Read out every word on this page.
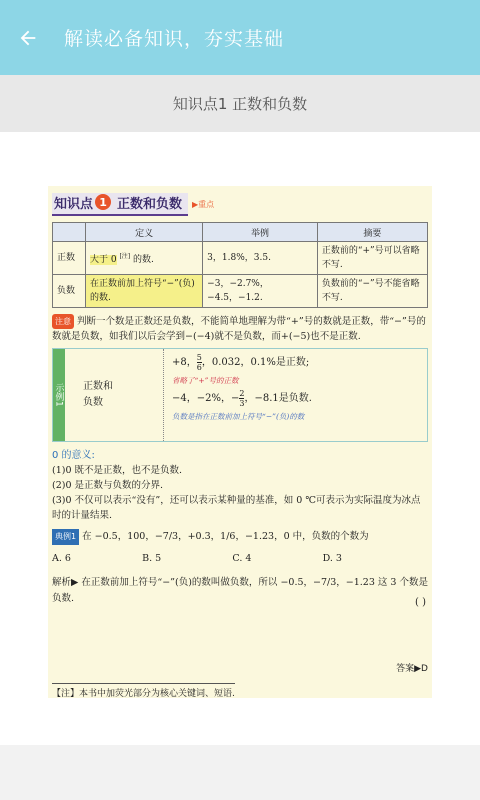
解读必备知识，夯实基础
知识点1 正数和负数
知识点 1 正数和负数 ▶重点
	定义	举例	摘要
正数	大于 0 [注] 的数.	3，1.8%，3.5.	正数前的“+”号可以省略不写.
负数	在正数前加上符号“−”(负)的数.	−3，−2.7%，−4.5，−1.2.	负数前的“−”号不能省略不写.
注意 判断一个数是正数还是负数，不能简单地理解为带“+”号的数就是正数，带“−”号的数就是负数，如我们以后会学到−(−4)就不是负数，而+(−5)也不是正数.
示例1 正数和
负数
+8， $\frac{5}{6}$ ，0.032，0.1%是正数;
省略了“+”号的正数
−4，−2%，− $\frac{2}{3}$ ，−8.1是负数.
负数是指在正数前加上符号“−”(负)的数
0 的意义:
(1)0 既不是正数，也不是负数.
(2)0 是正数与负数的分界.
(3)0 不仅可以表示“没有”，还可以表示某种量的基准，如 0 ℃可表示为实际温度为冰点时的计量结果.
典例1 在 −0.5，100，−7/3，+0.3，1/6，−1.23，0 中，负数的个数为
A. 6	B. 5	C. 4	D. 3
( )
解析▶ 在正数前加上符号“−”(负)的数叫做负数，所以 −0.5，−7/3，−1.23 这 3 个数是负数.
答案▶D
【注】本书中加荧光部分为核心关键词、短语.
